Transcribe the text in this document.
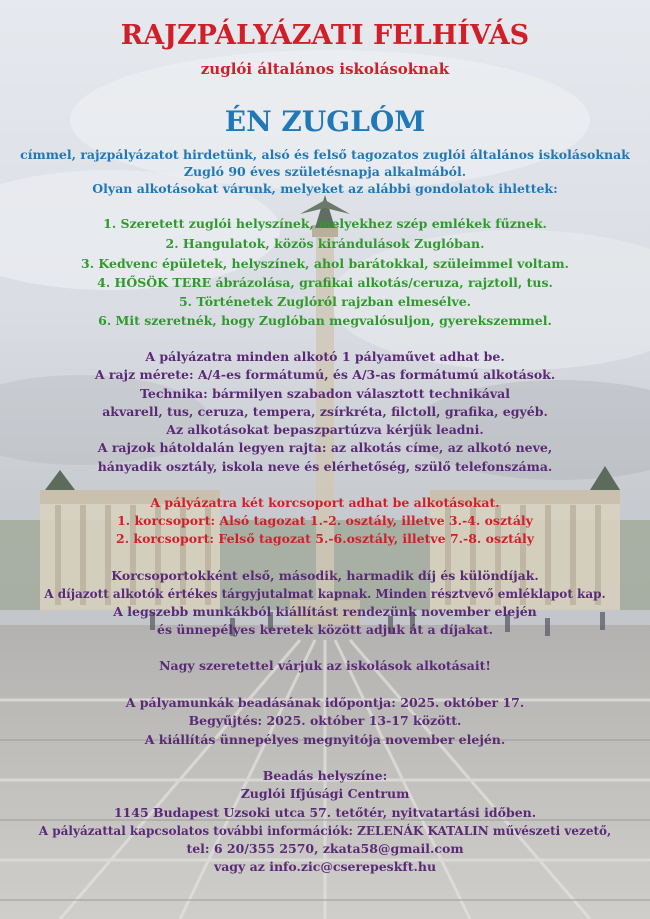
RAJZPÁLYÁZATI FELHÍVÁS
zuglói általános iskolásoknak
ÉN ZUGLÓM
címmel, rajzpályázatot hirdetünk, alsó és felső tagozatos zuglói általános iskolásoknak
Zugló 90 éves születésnapja alkalmából.
Olyan alkotásokat várunk, melyeket az alábbi gondolatok ihlettek:
1. Szeretett zuglói helyszínek, melyekhez szép emlékek fűznek.
2. Hangulatok, közös kirándulások Zuglóban.
3. Kedvenc épületek, helyszínek, ahol barátokkal, szüleimmel voltam.
4. HŐSÖK TERE ábrázolása, grafikai alkotás/ceruza, rajztoll, tus.
5. Történetek Zuglóról rajzban elmesélve.
6. Mit szeretnék, hogy Zuglóban megvalósuljon, gyerekszemmel.
A pályázatra minden alkotó 1 pályaművet adhat be.
A rajz mérete: A/4-es formátumú, és A/3-as formátumú alkotások.
Technika: bármilyen szabadon választott technikával
akvarell, tus, ceruza, tempera, zsírkréta, filctoll, grafika, egyéb.
Az alkotásokat bepaszpartúzva kérjük leadni.
A rajzok hátoldalán legyen rajta: az alkotás címe, az alkotó neve,
hányadik osztály, iskola neve és elérhetőség, szülő telefonszáma.
A pályázatra két korcsoport adhat be alkotásokat.
1. korcsoport: Alsó tagozat 1.-2. osztály, illetve 3.-4. osztály
2. korcsoport: Felső tagozat 5.-6.osztály, illetve 7.-8. osztály
Korcsoportokként első, második, harmadik díj és különdíjak.
A díjazott alkotók értékes tárgyjutalmat kapnak. Minden résztvevő emléklapot kap.
A legszebb munkákból kiállítást rendezünk november elején
és ünnepélyes keretek között adjuk át a díjakat.
Nagy szeretettel várjuk az iskolások alkotásait!
A pályamunkák beadásának időpontja: 2025. október 17.
Begyűjtés: 2025. október 13-17 között.
A kiállítás ünnepélyes megnyitója november elején.
Beadás helyszíne:
Zuglói Ifjúsági Centrum
1145 Budapest Uzsoki utca 57. tetőtér, nyitvatartási időben.
A pályázattal kapcsolatos további információk: ZELENÁK KATALIN művészeti vezető,
tel: 6 20/355 2570, zkata58@gmail.com
vagy az info.zic@cserepeskft.hu
